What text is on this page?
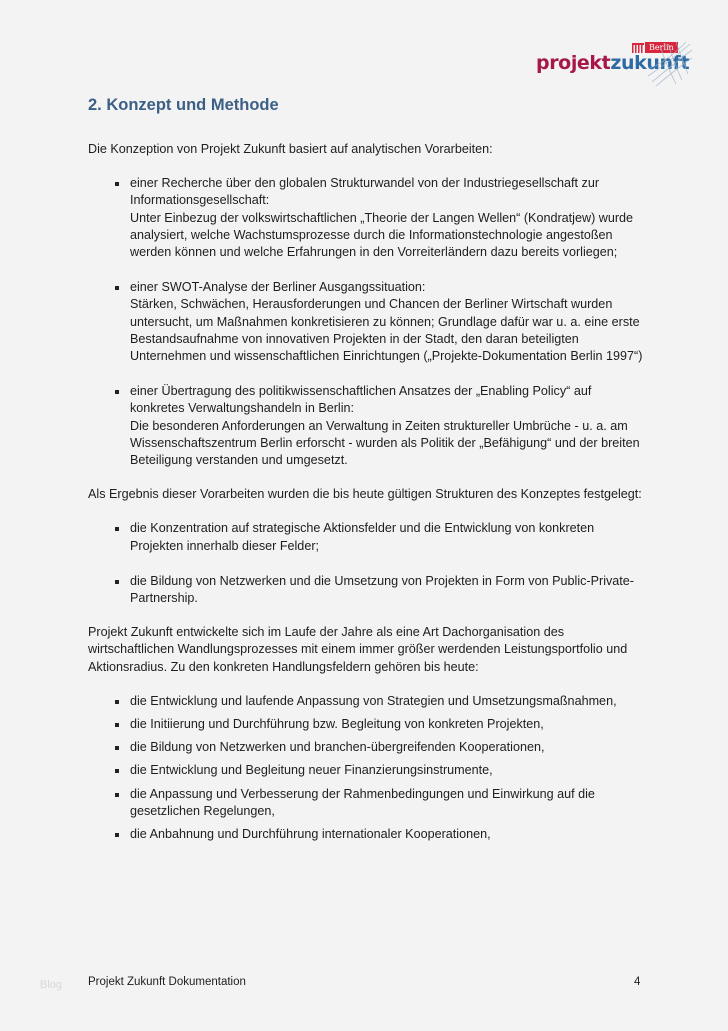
Berlin
projektzukunft
2. Konzept und Methode

Die Konzeption von Projekt Zukunft basiert auf analytischen Vorarbeiten:

einer Recherche über den globalen Strukturwandel von der Industriegesellschaft zur Informationsgesellschaft:
Unter Einbezug der volkswirtschaftlichen „Theorie der Langen Wellen“ (Kondratjew) wurde analysiert, welche Wachstumsprozesse durch die Informationstechnologie angestoßen werden können und welche Erfahrungen in den Vorreiterländern dazu bereits vorliegen;
einer SWOT-Analyse der Berliner Ausgangssituation:
Stärken, Schwächen, Herausforderungen und Chancen der Berliner Wirtschaft wurden untersucht, um Maßnahmen konkretisieren zu können; Grundlage dafür war u. a. eine erste Bestandsaufnahme von innovativen Projekten in der Stadt, den daran beteiligten Unternehmen und wissenschaftlichen Einrichtungen („Projekte-Dokumentation Berlin 1997“)
einer Übertragung des politikwissenschaftlichen Ansatzes der „Enabling Policy“ auf konkretes Verwaltungshandeln in Berlin:
Die besonderen Anforderungen an Verwaltung in Zeiten struktureller Umbrüche - u. a. am Wissenschaftszentrum Berlin erforscht - wurden als Politik der „Befähigung“ und der breiten Beteiligung verstanden und umgesetzt.

Als Ergebnis dieser Vorarbeiten wurden die bis heute gültigen Strukturen des Konzeptes festgelegt:

die Konzentration auf strategische Aktionsfelder und die Entwicklung von konkreten Projekten innerhalb dieser Felder;
die Bildung von Netzwerken und die Umsetzung von Projekten in Form von Public-Private-Partnership.

Projekt Zukunft entwickelte sich im Laufe der Jahre als eine Art Dachorganisation des wirtschaftlichen Wandlungsprozesses mit einem immer größer werdenden Leistungsportfolio und Aktionsradius. Zu den konkreten Handlungsfeldern gehören bis heute:

die Entwicklung und laufende Anpassung von Strategien und Umsetzungsmaßnahmen,
die Initiierung und Durchführung bzw. Begleitung von konkreten Projekten,
die Bildung von Netzwerken und branchen-übergreifenden Kooperationen,
die Entwicklung und Begleitung neuer Finanzierungsinstrumente,
die Anpassung und Verbesserung der Rahmenbedingungen und Einwirkung auf die gesetzlichen Regelungen,
die Anbahnung und Durchführung internationaler Kooperationen,
Blog Projekt Zukunft Dokumentation	4
